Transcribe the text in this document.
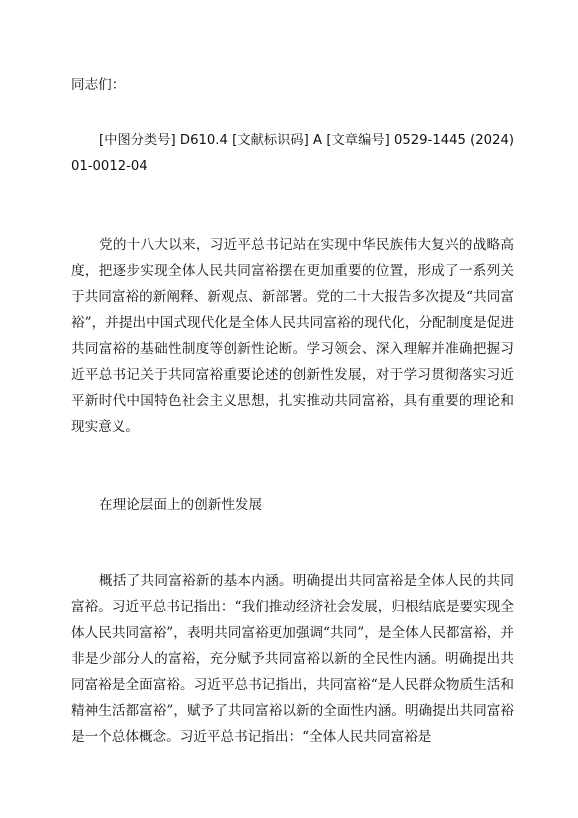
同志们：

[中图分类号] D610.4 [文献标识码] A [文章编号] 0529-1445 (2024) 01-0012-04

党的十八大以来，习近平总书记站在实现中华民族伟大复兴的战略高度，把逐步实现全体人民共同富裕摆在更加重要的位置，形成了一系列关于共同富裕的新阐释、新观点、新部署。党的二十大报告多次提及“共同富裕”，并提出中国式现代化是全体人民共同富裕的现代化，分配制度是促进共同富裕的基础性制度等创新性论断。学习领会、深入理解并准确把握习近平总书记关于共同富裕重要论述的创新性发展，对于学习贯彻落实习近平新时代中国特色社会主义思想，扎实推动共同富裕，具有重要的理论和现实意义。

在理论层面上的创新性发展

概括了共同富裕新的基本内涵。明确提出共同富裕是全体人民的共同富裕。习近平总书记指出：“我们推动经济社会发展，归根结底是要实现全体人民共同富裕”，表明共同富裕更加强调“共同”，是全体人民都富裕，并非是少部分人的富裕，充分赋予共同富裕以新的全民性内涵。明确提出共同富裕是全面富裕。习近平总书记指出，共同富裕“是人民群众物质生活和精神生活都富裕”，赋予了共同富裕以新的全面性内涵。明确提出共同富裕是一个总体概念。习近平总书记指出：“全体人民共同富裕是
